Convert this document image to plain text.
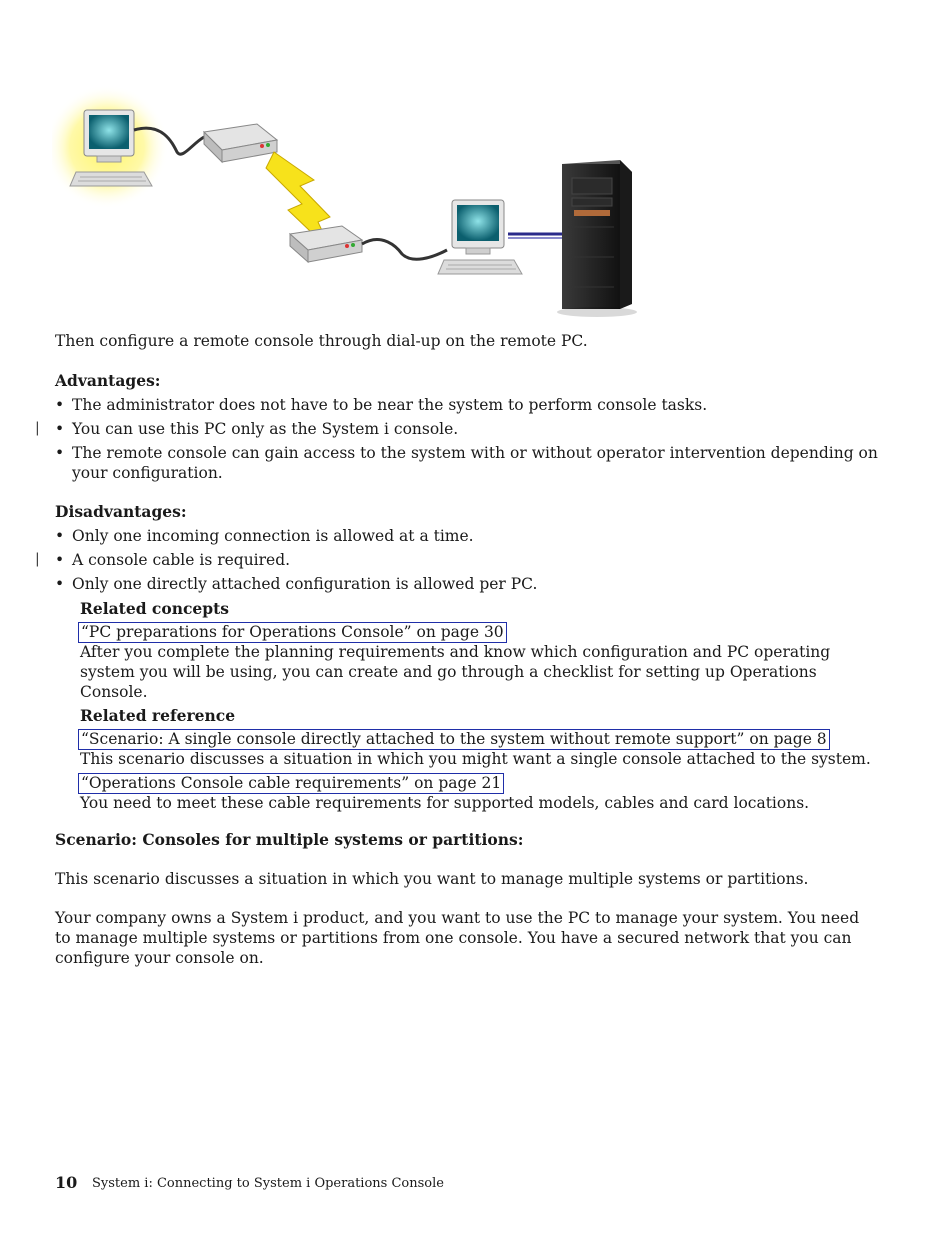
Then configure a remote console through dial-up on the remote PC.
Advantages:
• The administrator does not have to be near the system to perform console tasks.
| • You can use this PC only as the System i console.
• The remote console can gain access to the system with or without operator intervention depending on
your configuration.
Disadvantages:
• Only one incoming connection is allowed at a time.
| • A console cable is required.
• Only one directly attached configuration is allowed per PC.
Related concepts
“PC preparations for Operations Console” on page 30
After you complete the planning requirements and know which configuration and PC operating
system you will be using, you can create and go through a checklist for setting up Operations
Console.
Related reference
“Scenario: A single console directly attached to the system without remote support” on page 8
This scenario discusses a situation in which you might want a single console attached to the system.
“Operations Console cable requirements” on page 21
You need to meet these cable requirements for supported models, cables and card locations.
Scenario: Consoles for multiple systems or partitions:
This scenario discusses a situation in which you want to manage multiple systems or partitions.
Your company owns a System i product, and you want to use the PC to manage your system. You need
to manage multiple systems or partitions from one console. You have a secured network that you can
configure your console on.
10 System i: Connecting to System i Operations Console
